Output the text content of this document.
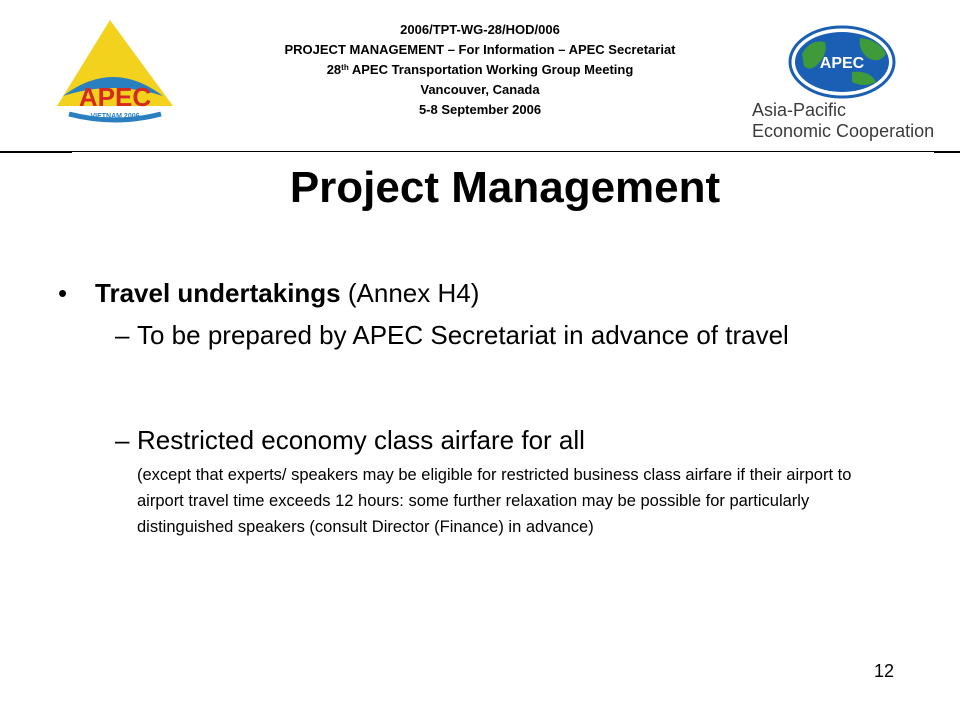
APEC
VIETNAM 2006
2006/TPT-WG-28/HOD/006
PROJECT MANAGEMENT – For Information – APEC Secretariat
28th APEC Transportation Working Group Meeting
Vancouver, Canada
5-8 September 2006
APEC
Asia-Pacific
Economic Cooperation
Project Management
• Travel undertakings (Annex H4)
– To be prepared by APEC Secretariat in advance of travel
– Restricted economy class airfare for all
(except that experts/ speakers may be eligible for restricted business class airfare if their airport to airport travel time exceeds 12 hours: some further relaxation may be possible for particularly distinguished speakers (consult Director (Finance) in advance)
12
